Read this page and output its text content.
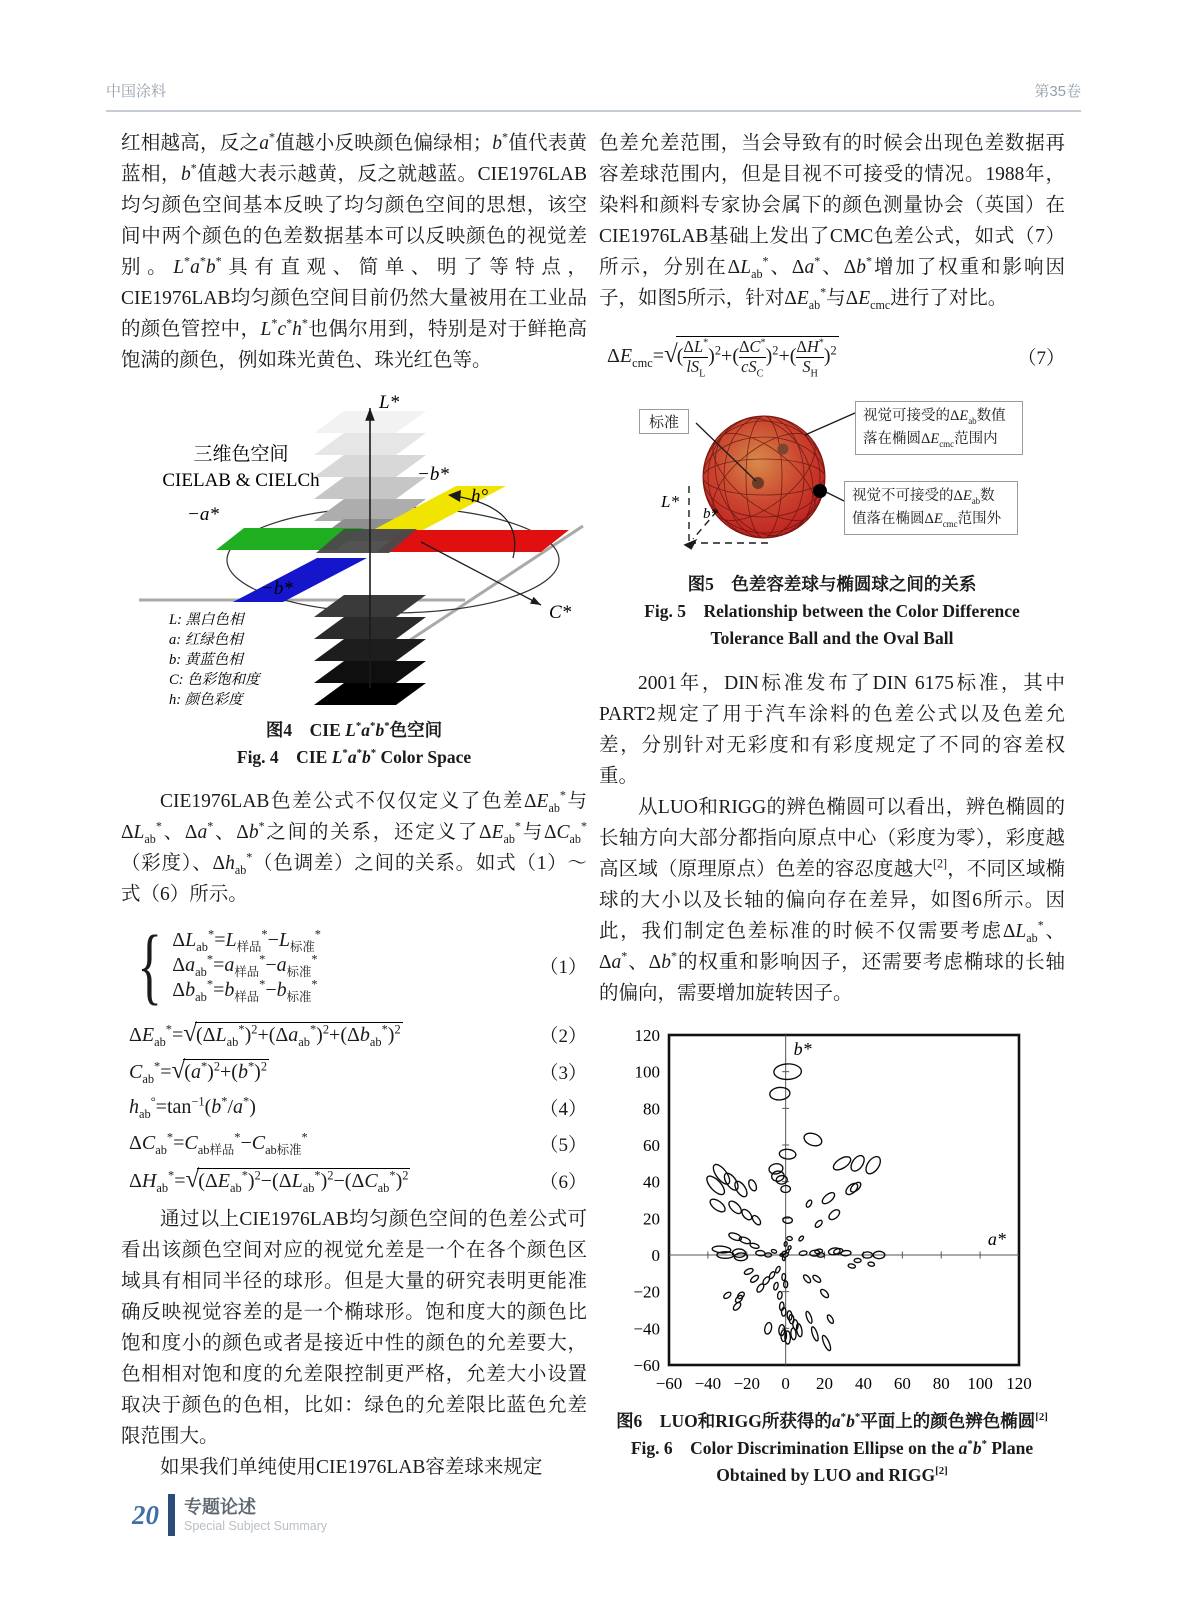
中国涂料	第35卷

红相越高，反之a*值越小反映颜色偏绿相；b*值代表黄蓝相，b*值越大表示越黄，反之就越蓝。CIE1976LAB均匀颜色空间基本反映了均匀颜色空间的思想，该空间中两个颜色的色差数据基本可以反映颜色的视觉差别。L*a*b*具有直观、简单、明了等特点，CIE1976LAB均匀颜色空间目前仍然大量被用在工业品的颜色管控中，L*c*h*也偶尔用到，特别是对于鲜艳高饱满的颜色，例如珠光黄色、珠光红色等。

三维色空间
CIELAB & CIELCh
L*
−b*
h°
−a*
−b*
C*
L: 黑白色相
a: 红绿色相
b: 黄蓝色相
C: 色彩饱和度
h: 颜色彩度

图4　CIE L*a*b*色空间

Fig. 4　CIE L*a*b* Color Space

CIE1976LAB色差公式不仅仅定义了色差$\Delta E_{ab}^*$与$\Delta L_{ab}^*$、Δa*、Δb*之间的关系，还定义了$\Delta E_{ab}^*$与$\Delta C_{ab}^*$（彩度）、$\Delta h_{ab}^*$（色调差）之间的关系。如式（1）～式（6）所示。

{ $\Delta L_{ab}^*=L_{样品}^*-L_{标准}^*$
$\Delta a_{ab}^*=a_{样品}^*-a_{标准}^*$
$\Delta b_{ab}^*=b_{样品}^*-b_{标准}^*$
（1）
$\Delta E_{ab}^*=√(\Delta L_{ab}^*)^2+(\Delta a_{ab}^*)^2+(\Delta b_{ab}^*)^2$	（2）
$C_{ab}^*=√(a^*)^2+(b^*)^2$	（3）
$h_{ab}^\circ=\tan^{-1}(b^*/a^*)$	（4）
$\Delta C_{ab}^*=C_{ab样品}^*-C_{ab标准}^*$	（5）
$\Delta H_{ab}^*=√(\Delta E_{ab}^*)^2-(\Delta L_{ab}^*)^2-(\Delta C_{ab}^*)^2$	（6）

通过以上CIE1976LAB均匀颜色空间的色差公式可看出该颜色空间对应的视觉允差是一个在各个颜色区域具有相同半径的球形。但是大量的研究表明更能准确反映视觉容差的是一个椭球形。饱和度大的颜色比饱和度小的颜色或者是接近中性的颜色的允差要大，色相相对饱和度的允差限控制更严格，允差大小设置取决于颜色的色相，比如：绿色的允差限比蓝色允差限范围大。

如果我们单纯使用CIE1976LAB容差球来规定

色差允差范围，当会导致有的时候会出现色差数据再容差球范围内，但是目视不可接受的情况。1988年，染料和颜料专家协会属下的颜色测量协会（英国）在CIE1976LAB基础上发出了CMC色差公式，如式（7）所示，分别在$\Delta L_{ab}^*$、Δa*、Δb*增加了权重和影响因子，如图5所示，针对$\Delta E_{ab}^*$与$\Delta E_{cmc}$进行了对比。

$\Delta E_{cmc}=√( \frac{\Delta L^*}{lS_L} )^2+( \frac{\Delta C^*}{cS_C} )^2+( \frac{\Delta H^*}{S_H} )^2$	（7）
L*
b*
标准	视觉可接受的$\Delta E_{ab}$数值
落在椭圆$\Delta E_{cmc}$范围内
视觉不可接受的$\Delta E_{ab}$数
值落在椭圆$\Delta E_{cmc}$范围外

图5　色差容差球与椭圆球之间的关系

Fig. 5　Relationship between the Color Difference

Tolerance Ball and the Oval Ball

2001年，DIN标准发布了DIN 6175标准，其中PART2规定了用于汽车涂料的色差公式以及色差允差，分别针对无彩度和有彩度规定了不同的容差权重。

从LUO和RIGG的辨色椭圆可以看出，辨色椭圆的长轴方向大部分都指向原点中心（彩度为零），彩度越高区域（原理原点）色差的容忍度越大[2]，不同区域椭球的大小以及长轴的偏向存在差异，如图6所示。因此，我们制定色差标准的时候不仅需要考虑$\Delta L_{ab}^*$、Δa*、Δb*的权重和影响因子，还需要考虑椭球的长轴的偏向，需要增加旋转因子。

−60 −40 −20 0 20 40 60 80 100 120
−60
−40
−20
0
20
40
60
80
100
120
b*
a*

图6　LUO和RIGG所获得的a*b*平面上的颜色辨色椭圆[2]

Fig. 6　Color Discrimination Ellipse on the a*b* Plane

Obtained by LUO and RIGG[2]

20 专题论述
Special Subject Summary
